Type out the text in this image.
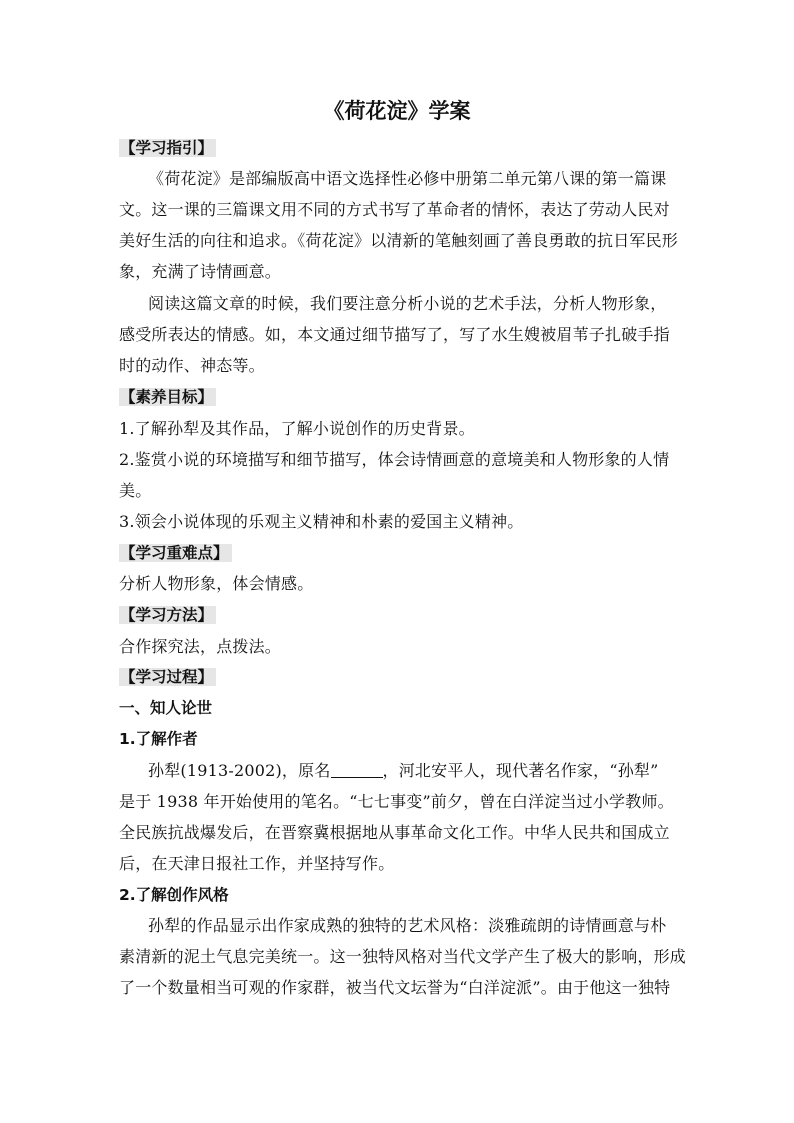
《荷花淀》学案
【学习指引】
《荷花淀》是部编版高中语文选择性必修中册第二单元第八课的第一篇课
文。这一课的三篇课文用不同的方式书写了革命者的情怀，表达了劳动人民对
美好生活的向往和追求。《荷花淀》以清新的笔触刻画了善良勇敢的抗日军民形
象，充满了诗情画意。
阅读这篇文章的时候，我们要注意分析小说的艺术手法，分析人物形象，
感受所表达的情感。如，本文通过细节描写了，写了水生嫂被眉苇子扎破手指
时的动作、神态等。
【素养目标】
1.了解孙犁及其作品，了解小说创作的历史背景。
2.鉴赏小说的环境描写和细节描写，体会诗情画意的意境美和人物形象的人情
美。
3.领会小说体现的乐观主义精神和朴素的爱国主义精神。
【学习重难点】
分析人物形象，体会情感。
【学习方法】
合作探究法，点拨法。
【学习过程】
一、知人论世
1.了解作者
孙犁(1913-2002)，原名	，河北安平人，现代著名作家，“孙犁”
是于 1938 年开始使用的笔名。“七七事变”前夕，曾在白洋淀当过小学教师。
全民族抗战爆发后，在晋察冀根据地从事革命文化工作。中华人民共和国成立
后，在天津日报社工作，并坚持写作。
2.了解创作风格
孙犁的作品显示出作家成熟的独特的艺术风格：淡雅疏朗的诗情画意与朴
素清新的泥土气息完美统一。这一独特风格对当代文学产生了极大的影响，形成
了一个数量相当可观的作家群，被当代文坛誉为“白洋淀派”。由于他这一独特
